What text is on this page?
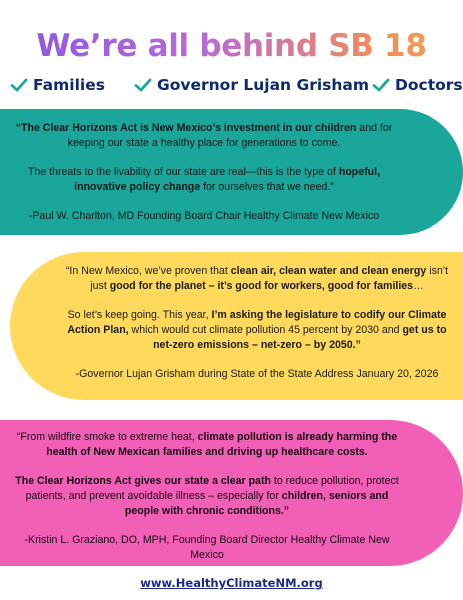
We’re all behind SB 18
Families	Governor Lujan Grisham Doctors

“The Clear Horizons Act is New Mexico’s investment in our children and for keeping our state a healthy place for generations to come.

The threats to the livability of our state are real—this is the type of hopeful, innovative policy change for ourselves that we need.”

-Paul W. Charlton, MD Founding Board Chair Healthy Climate New Mexico

“In New Mexico, we’ve proven that clean air, clean water and clean energy isn’t just good for the planet – it’s good for workers, good for families…

So let’s keep going. This year, I’m asking the legislature to codify our Climate Action Plan, which would cut climate pollution 45 percent by 2030 and get us to net-zero emissions – net-zero – by 2050.”

-Governor Lujan Grisham during State of the State Address January 20, 2026

“From wildfire smoke to extreme heat, climate pollution is already harming the health of New Mexican families and driving up healthcare costs.

The Clear Horizons Act gives our state a clear path to reduce pollution, protect patients, and prevent avoidable illness – especially for children, seniors and people with chronic conditions.”

-Kristin L. Graziano, DO, MPH, Founding Board Director Healthy Climate New Mexico

www.HealthyClimateNM.org
